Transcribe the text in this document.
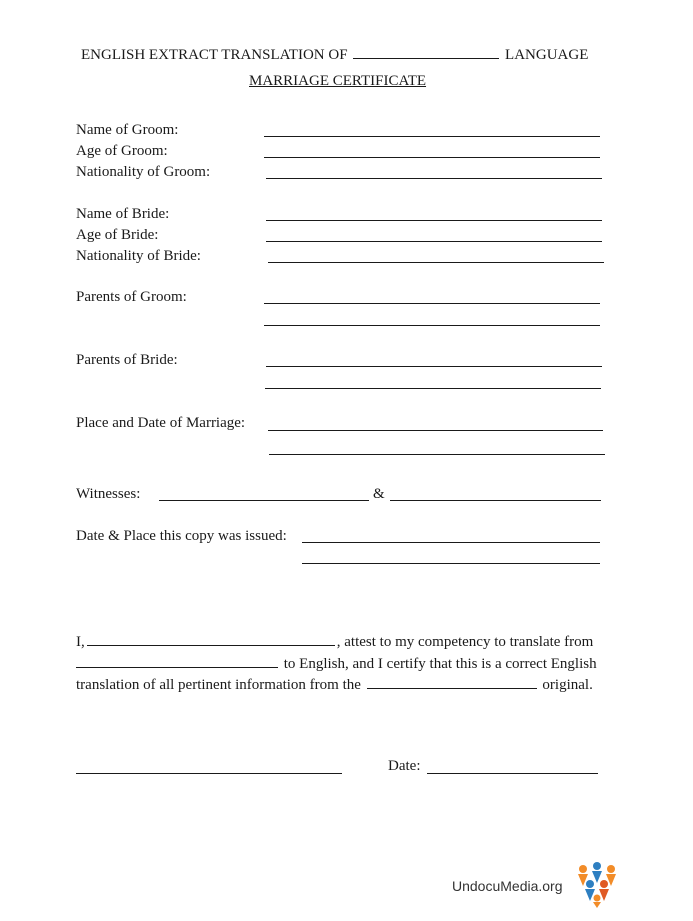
ENGLISH EXTRACT TRANSLATION OF	LANGUAGE
MARRIAGE CERTIFICATE
Name of Groom:
Age of Groom:
Nationality of Groom:
Name of Bride:
Age of Bride:
Nationality of Bride:
Parents of Groom:
Parents of Bride:
Place and Date of Marriage:
Witnesses:	&
Date & Place this copy was issued:
I,	, attest to my competency to translate from
to English, and I certify that this is a correct English
translation of all pertinent information from the	original.
Date:
UndocuMedia.org
